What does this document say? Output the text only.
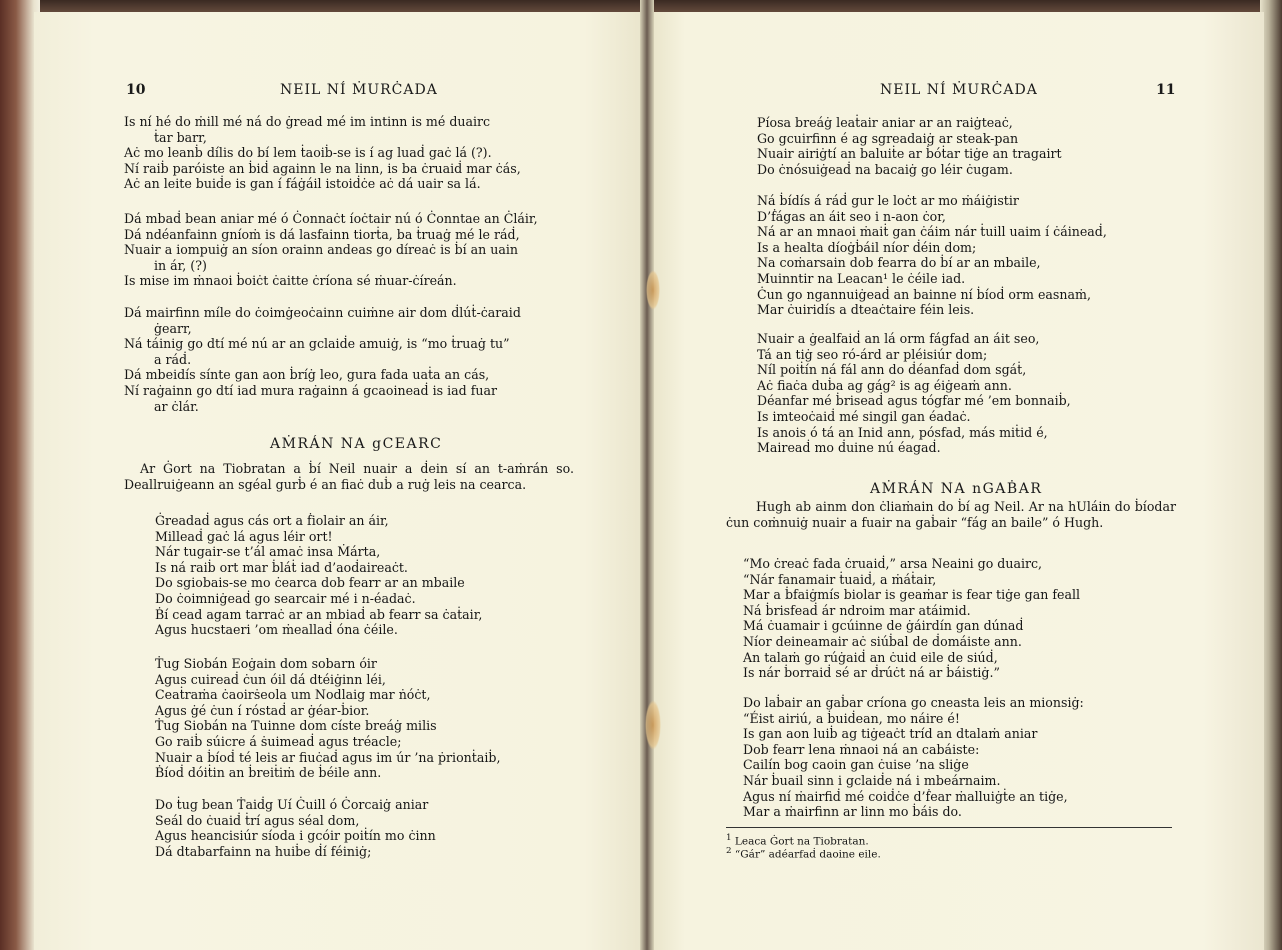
10	NEIL NÍ ṀURĊADA
Is ní hé do ṁill mé ná do ġread mé im intinn is mé duairc
ṫar barr,
Aċ mo leanḃ dílis do bí lem ṫaoiḃ-se is í ag luaḋ gaċ lá (?).
Ní raiḃ paróiste an ḃiḋ againn le na linn, is ba ċruaiḋ mar ċás,
Aċ an leite buiḋe is gan í fáġáil istoiḋċe aċ dá uair sa lá.
Dá mbaḋ bean aniar mé ó Ċonnaċt íoċtair nú ó Ċonntae an Ċláir,
Dá ndéanfainn gníoṁ is dá lasfainn tiorṫa, ba ṫruaġ mé le ráḋ,
Nuair a iompuiġ an síon orainn andeas go díreaċ is ḃí an uain
in ár, (?)
Is mise im ṁnaoi ḃoiċt ċaitte ċríona sé ṁuar-ċíreán.
Dá mairfinn míle do ċoimġeoċainn cuiṁne air dom ḋlúṫ-ċaraid
ġearr,
Ná táinig go dtí mé nú ar an gclaiḋe amuiġ, is “mo ṫruaġ tu”
a ráḋ.
Dá mbeidís sínte gan aon ḃríġ leo, gura fada uaṫa an cás,
Ní raġainn go dtí iad mura raġainn á gcaoineaḋ is iad fuar
ar ċlár.
AṀRÁN NA gCEARC
Ar Ġort na Tiobratan a ḃí Neil nuair a ḋein sí an t-aṁrán so. Deallruiġeann an sgéal gurḃ é an fiaċ duḃ a ruġ leis na cearca.
Ġreadaḋ agus cás ort a ḟiolair an áir,
Milleaḋ gaċ lá agus léir ort!
Nár tugair-se t’ál amaċ insa Ṁárta,
Is ná raiḃ ort mar ḃláṫ iad d’aoḋaireaċt.
Do sgiobais-se mo ċearca dob fearr ar an mbaile
Do ċoimniġeaḋ go searcair mé i n-éadaċ.
Ḃí cead agam tarraċ ar an mbiaḋ ab fearr sa ċaṫair,
Agus hucstaeri ’om ṁeallaḋ óna ċéile.
Ṫug Siobán Eoġain dom sobarn óir
Agus cuireaḋ ċun óil dá dtéiġinn léi,
Ceaṫraṁa ċaoirṡeola um Nodlaig mar ṅóċt,
Agus ġé ċun í róstaḋ ar ġéar-ḃior.
Ṫug Siobán na Tuinne dom císte breáġ milis
Go raiḃ súicre á ṡuimeaḋ agus tréacle;
Nuair a ḃíoḋ té leis ar fiuċaḋ agus im úr ’na ṗrionṫaiḃ,
Ḃíoḋ dóiṫin an ḃreiṫiṁ de ḃéile ann.
Do ṫug bean Ṫaiḋg Uí Ċuill ó Ċorcaiġ aniar
Seál do ċuaiḋ ṫrí agus séal dom,
Agus heancisiúr síoda i gcóir poiṫín mo ċinn
Dá dtabarfainn na huiḃe ḋí féiniġ;
NEIL NÍ ṀURĊADA	11
Píosa breáġ leaṫair aniar ar an raiġteaċ,
Go gcuirfinn é ag sgreadaiġ ar steak-pan
Nuair airiġtí an baluiṫe ar ḃóṫar tiġe an tragairt
Do ċnósuiġeaḋ na bacaiġ go léir ċugam.
Ná ḃídís á ráḋ gur le loċt ar mo ṁáiġistir
D’ḟágas an áit seo i n-aon ċor,
Ná ar an mnaoi ṁaiṫ gan ċáim nár ṫuill uaim í ċáineaḋ,
Is a healta díoġḃáil níor ḋéin dom;
Na coṁarsain dob fearra do ḃí ar an mbaile,
Muinntir na Leacan¹ le ċéile iad.
Ċun go ngannuiġeaḋ an bainne ní ḃíoḋ orm easnaṁ,
Mar ċuiridís a dteaċtaire féin leis.
Nuair a ġealfaiḋ an lá orm fágfad an áit seo,
Tá an tiġ seo ró-árd ar pléisiúr dom;
Níl poiṫín ná fál ann do ḋéanfaḋ dom sgáṫ,
Aċ fiaċa duḃa ag gág² is ag éiġeaṁ ann.
Déanfar mé ḃriseaḋ agus tógfar mé ’em bonnaiḃ,
Is imteoċaiḋ mé singil gan éadaċ.
Is anois ó tá an Inid ann, pósfad, más miṫid é,
Maireaḋ mo ḋuine nú éagaḋ.
AṀRÁN NA nGAḂAR
Hugh ab ainm don ċliaṁain do ḃí ag Neil. Ar na hUláin do ḃíodar ċun coṁnuiġ nuair a fuair na gaḃair “fág an baile” ó Hugh.
“Mo ċreaċ fada ċruaiḋ,” arsa Neaini go duairc,
“Nár fanamair ṫuaiḋ, a ṁáṫair,
Mar a ḃfaiġmís biolar is geaṁar is fear tiġe gan feall
Ná ḃrisfeaḋ ár ndroim mar atáimid.
Má ċuamair i gcúinne de ġáirdín gan dúnaḋ
Níor deineamair aċ siúḃal de ḋomáiste ann.
An talaṁ go rúġaiḋ an ċuid eile de siúḋ,
Is nár ḃorraiḋ sé ar ḋrúċt ná ar ḃáistiġ.”
Do laḃair an gaḃar críona go cneasta leis an mionsiġ:
“Éist airiú, a ḃuiḋean, mo náire é!
Is gan aon luiḃ ag tiġeaċt tríd an dtalaṁ aniar
Dob fearr lena ṁnaoi ná an cabáiste:
Cailín bog caoin gan ċuise ’na sliġe
Nár ḃuail sinn i gclaiḋe ná i mbeárnaim.
Agus ní ṁairfiḋ mé coiḋċe d’ḟear ṁalluiġṫe an tiġe,
Mar a ṁairfinn ar linn mo ḃáis do.
$^1$ Leaca Ġort na Tiobratan.
$^2$ “Gár” adéarfaḋ daoine eile.
